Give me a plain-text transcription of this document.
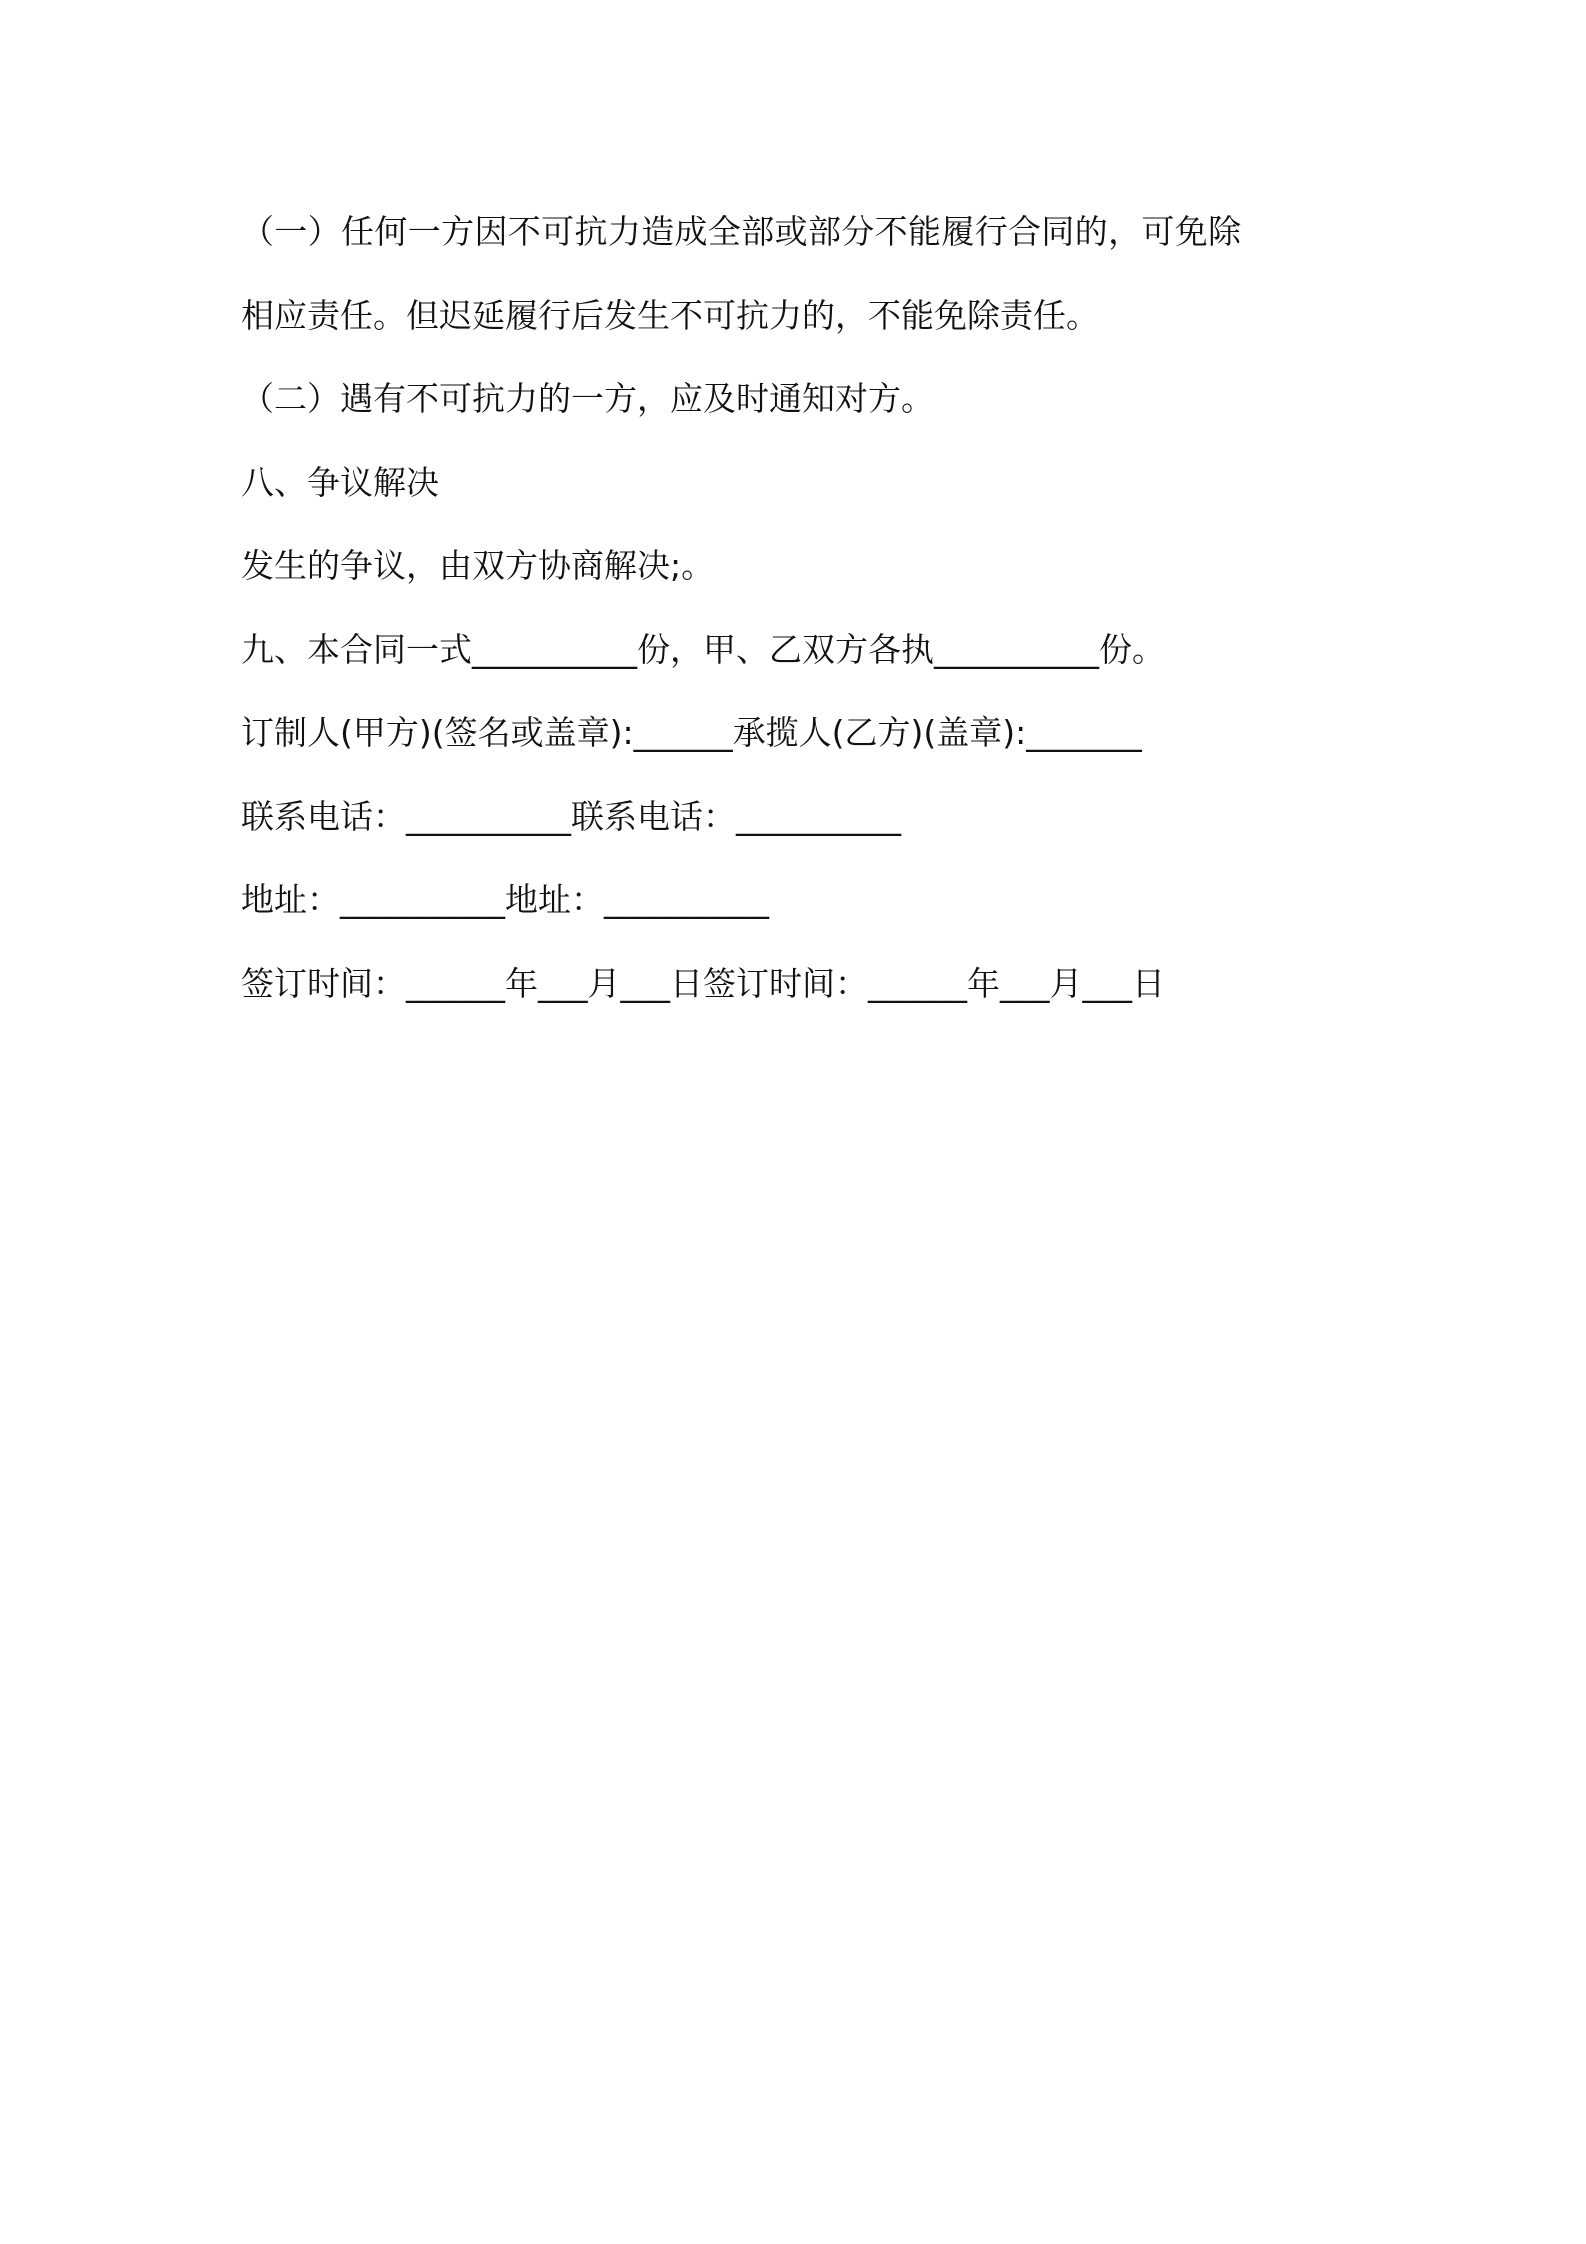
（一）任何一方因不可抗力造成全部或部分不能履行合同的，可免除
相应责任。但迟延履行后发生不可抗力的，不能免除责任。
（二）遇有不可抗力的一方，应及时通知对方。
八、争议解决
发生的争议，由双方协商解决;。
九、本合同一式__________份，甲、乙双方各执__________份。
订制人(甲方)(签名或盖章):______承揽人(乙方)(盖章):_______
联系电话：__________联系电话：__________
地址：__________地址：__________
签订时间：______年___月___日签订时间：______年___月___日
